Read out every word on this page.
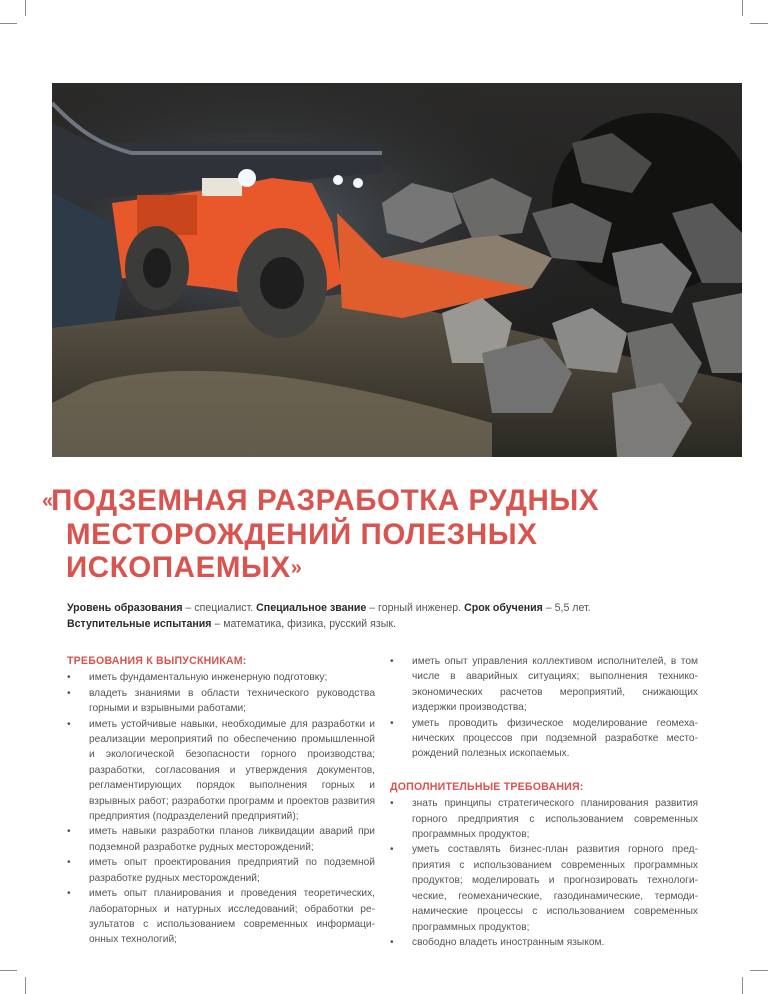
«ПОДЗЕМНАЯ РАЗРАБОТКА РУДНЫХ
МЕСТОРОЖДЕНИЙ ПОЛЕЗНЫХ
ИСКОПАЕМЫХ»
Уровень образования – специалист. Специальное звание – горный инженер. Срок обучения – 5,5 лет.
Вступительные испытания – математика, физика, русский язык.
ТРЕБОВАНИЯ К ВЫПУСКНИКАМ:
• иметь фундаментальную инженерную подготовку;
• владеть знаниями в области технического руководства горными и взрывными работами;
• иметь устойчивые навыки, необходимые для разработки и реализации мероприятий по обеспечению промышленной и экологической безопасности горного производства; разработки, согласования и утверждения документов, регламентирующих порядок выполнения горных и взрывных работ; разработки программ и проектов развития предприятия (подразделений предприятий);
• иметь навыки разработки планов ликвидации аварий при подземной разработке рудных месторождений;
• иметь опыт проектирования предприятий по подземной разработке рудных месторождений;
• иметь опыт планирования и проведения теоретических, лабораторных и натурных исследований; обработки результатов с использованием современных информационных технологий;
• иметь опыт управления коллективом исполнителей, в том числе в аварийных ситуациях; выполнения технико-экономических расчетов мероприятий, снижающих издержки производства;
• уметь проводить физическое моделирование геомеханических процессов при подземной разработке месторождений полезных ископаемых.
ДОПОЛНИТЕЛЬНЫЕ ТРЕБОВАНИЯ:
• знать принципы стратегического планирования развития горного предприятия с использованием современных программных продуктов;
• уметь составлять бизнес-план развития горного предприятия с использованием современных программных продуктов; моделировать и прогнозировать технологические, геомеханические, газодинамические, термодинамические процессы с использованием современных программных продуктов;
• свободно владеть иностранным языком.
